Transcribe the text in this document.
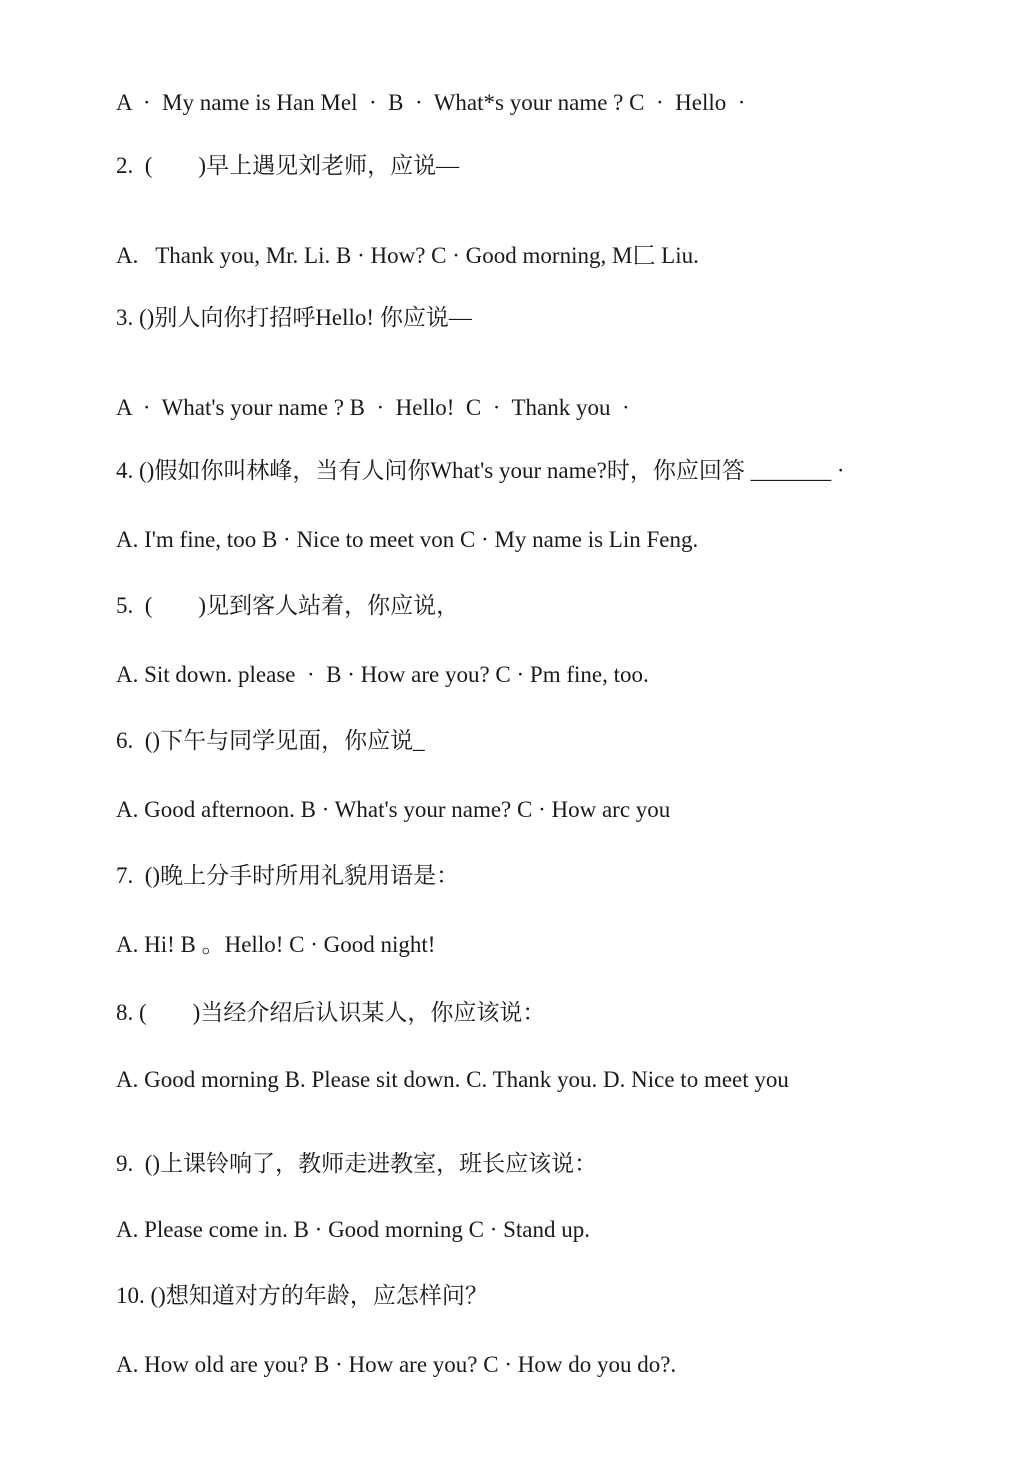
A  ·  My name is Han Mel  ·  B  ·  What*s your name ? C  ·  Hello  ·
2.  (        )早上遇见刘老师，应说—
A.   Thank you, Mr. Li. B · How? C · Good morning, M匚 Liu.
3. ()别人向你打招呼Hello! 你应说—
A  ·  What's your name ? B  ·  Hello!  C  ·  Thank you  ·
4. ()假如你叫林峰，当有人问你What's your name?时，你应回答 _______ ·
A. I'm fine, too B · Nice to meet von C · My name is Lin Feng.
5.  (        )见到客人站着，你应说，
A. Sit down. please  ·  B · How are you? C · Pm fine, too.
6.  ()下午与同学见面，你应说_
A. Good afternoon. B · What's your name? C · How arc you
7.  ()晚上分手时所用礼貌用语是：
A. Hi! B 。Hello! C · Good night!
8. (        )当经介绍后认识某人，你应该说：
A. Good morning B. Please sit down. C. Thank you. D. Nice to meet you
9.  ()上课铃响了，教师走进教室，班长应该说：
A. Please come in. B · Good morning C · Stand up.
10. ()想知道对方的年龄，应怎样问？
A. How old are you? B · How are you? C · How do you do?.
